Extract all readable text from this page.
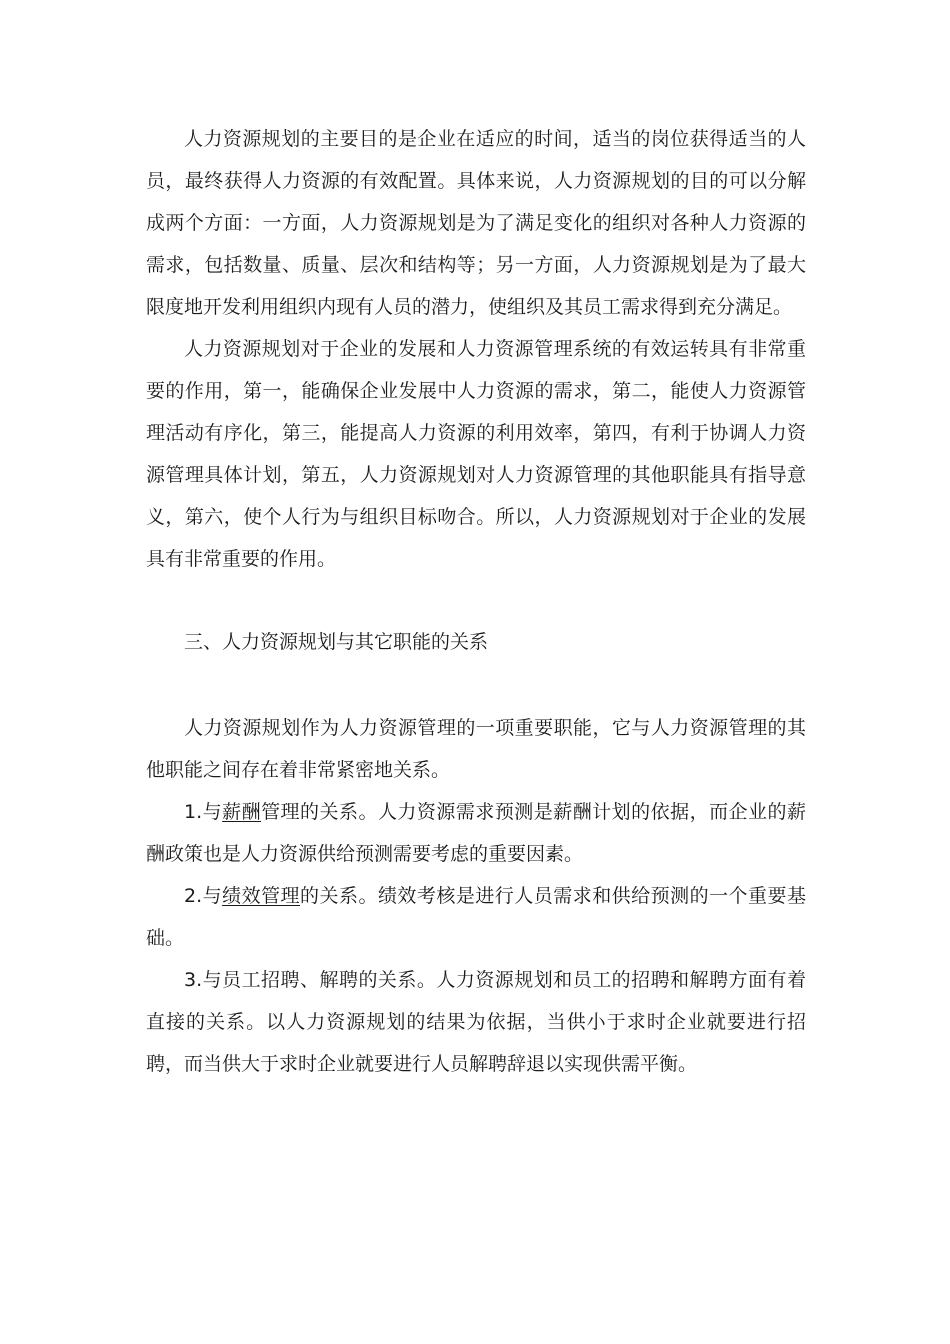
人力资源规划的主要目的是企业在适应的时间，适当的岗位获得适当的人员，最终获得人力资源的有效配置。具体来说，人力资源规划的目的可以分解成两个方面：一方面，人力资源规划是为了满足变化的组织对各种人力资源的需求，包括数量、质量、层次和结构等；另一方面，人力资源规划是为了最大限度地开发利用组织内现有人员的潜力，使组织及其员工需求得到充分满足。

人力资源规划对于企业的发展和人力资源管理系统的有效运转具有非常重要的作用，第一，能确保企业发展中人力资源的需求，第二，能使人力资源管理活动有序化，第三，能提高人力资源的利用效率，第四，有利于协调人力资源管理具体计划，第五，人力资源规划对人力资源管理的其他职能具有指导意义，第六，使个人行为与组织目标吻合。所以，人力资源规划对于企业的发展具有非常重要的作用。

三、人力资源规划与其它职能的关系

人力资源规划作为人力资源管理的一项重要职能，它与人力资源管理的其他职能之间存在着非常紧密地关系。

1.与薪酬管理的关系。人力资源需求预测是薪酬计划的依据，而企业的薪酬政策也是人力资源供给预测需要考虑的重要因素。

2.与绩效管理的关系。绩效考核是进行人员需求和供给预测的一个重要基础。

3.与员工招聘、解聘的关系。人力资源规划和员工的招聘和解聘方面有着直接的关系。以人力资源规划的结果为依据，当供小于求时企业就要进行招聘，而当供大于求时企业就要进行人员解聘辞退以实现供需平衡。
